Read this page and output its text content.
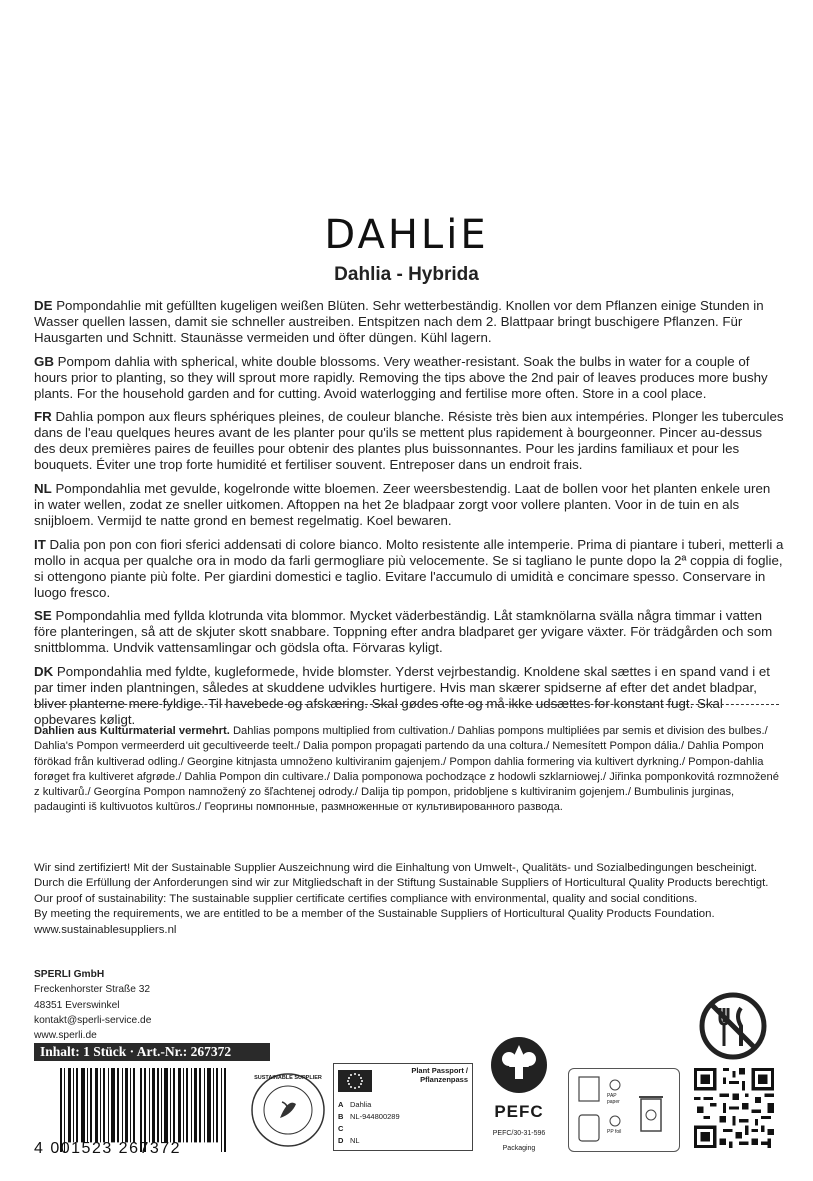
DAHLiE
Dahlia - Hybrida

DE Pompondahlie mit gefüllten kugeligen weißen Blüten. Sehr wetterbeständig. Knollen vor dem Pflanzen einige Stunden in Wasser quellen lassen, damit sie schneller austreiben. Entspitzen nach dem 2. Blattpaar bringt buschigere Pflanzen. Für Hausgarten und Schnitt. Staunässe vermeiden und öfter düngen. Kühl lagern.

GB Pompom dahlia with spherical, white double blossoms. Very weather-resistant. Soak the bulbs in water for a couple of hours prior to planting, so they will sprout more rapidly. Removing the tips above the 2nd pair of leaves produces more bushy plants. For the household garden and for cutting. Avoid waterlogging and fertilise more often. Store in a cool place.

FR Dahlia pompon aux fleurs sphériques pleines, de couleur blanche. Résiste très bien aux intempéries. Plonger les tubercules dans de l'eau quelques heures avant de les planter pour qu'ils se mettent plus rapidement à bourgeonner. Pincer au-dessus des deux premières paires de feuilles pour obtenir des plantes plus buissonnantes. Pour les jardins familiaux et pour les bouquets. Éviter une trop forte humidité et fertiliser souvent. Entreposer dans un endroit frais.

NL Pompondahlia met gevulde, kogelronde witte bloemen. Zeer weersbestendig. Laat de bollen voor het planten enkele uren in water wellen, zodat ze sneller uitkomen. Aftoppen na het 2e bladpaar zorgt voor vollere planten. Voor in de tuin en als snijbloem. Vermijd te natte grond en bemest regelmatig. Koel bewaren.

IT Dalia pon pon con fiori sferici addensati di colore bianco. Molto resistente alle intemperie. Prima di piantare i tuberi, metterli a mollo in acqua per qualche ora in modo da farli germogliare più velocemente. Se si tagliano le punte dopo la 2ª coppia di foglie, si ottengono piante più folte. Per giardini domestici e taglio. Evitare l'accumulo di umidità e concimare spesso. Conservare in luogo fresco.

SE Pompondahlia med fyllda klotrunda vita blommor. Mycket väderbeständig. Låt stamknölarna svälla några timmar i vatten före planteringen, så att de skjuter skott snabbare. Toppning efter andra bladparet ger yvigare växter. För trädgården och som snittblomma. Undvik vattensamlingar och gödsla ofta. Förvaras kyligt.

DK Pompondahlia med fyldte, kugleformede, hvide blomster. Yderst vejrbestandig. Knoldene skal sættes i en spand vand i et par timer inden plantningen, således at skuddene udvikles hurtigere. Hvis man skærer spidserne af efter det andet bladpar, bliver planterne mere fyldige. Til havebede og afskæring. Skal gødes ofte og må ikke udsættes for konstant fugt. Skal opbevares køligt.

Dahlien aus Kulturmaterial vermehrt. Dahlias pompons multiplied from cultivation./ Dahlias pompons multipliées par semis et division des bulbes./ Dahlia's Pompon vermeerderd uit gecultiveerde teelt./ Dalia pompon propagati partendo da una coltura./ Nemesített Pompon dália./ Dahlia Pompon förökad från kultiverad odling./ Georgine kitnjasta umnoženo kultiviranim gajenjem./ Pompon dahlia formering via kultivert dyrkning./ Pompon-dahlia forøget fra kultiveret afgrøde./ Dahlia Pompon din cultivare./ Dalia pomponowa pochodzące z hodowli szklarniowej./ Jiřinka pomponkovitá rozmnožené z kultivarů./ Georgína Pompon namnožený zo šľachtenej odrody./ Dalija tip pompon, pridobljene s kultiviranim gojenjem./ Bumbulinis jurginas, padauginti iš kultivuotos kultūros./ Георгины помпонные, размноженные от культивированного развода.
Wir sind zertifiziert! Mit der Sustainable Supplier Auszeichnung wird die Einhaltung von Umwelt-, Qualitäts- und Sozialbedingungen bescheinigt.
Durch die Erfüllung der Anforderungen sind wir zur Mitgliedschaft in der Stiftung Sustainable Suppliers of Horticultural Quality Products berechtigt.
Our proof of sustainability: The sustainable supplier certificate certifies compliance with environmental, quality and social conditions.
By meeting the requirements, we are entitled to be a member of the Sustainable Suppliers of Horticultural Quality Products Foundation.
www.sustainablesuppliers.nl
SPERLI GmbH
Freckenhorster Straße 32
48351 Everswinkel
kontakt@sperli-service.de
www.sperli.de
Inhalt: 1 Stück · Art.-Nr.: 267372
4 001523 267372
SUSTAINABLE SUPPLIER
Plant Passport /
Pflanzenpass
A Dahlia
B NL-944800289
C
D NL
PEFC
PEFC/30-31-596
Packaging
PAP paper
PP foil
